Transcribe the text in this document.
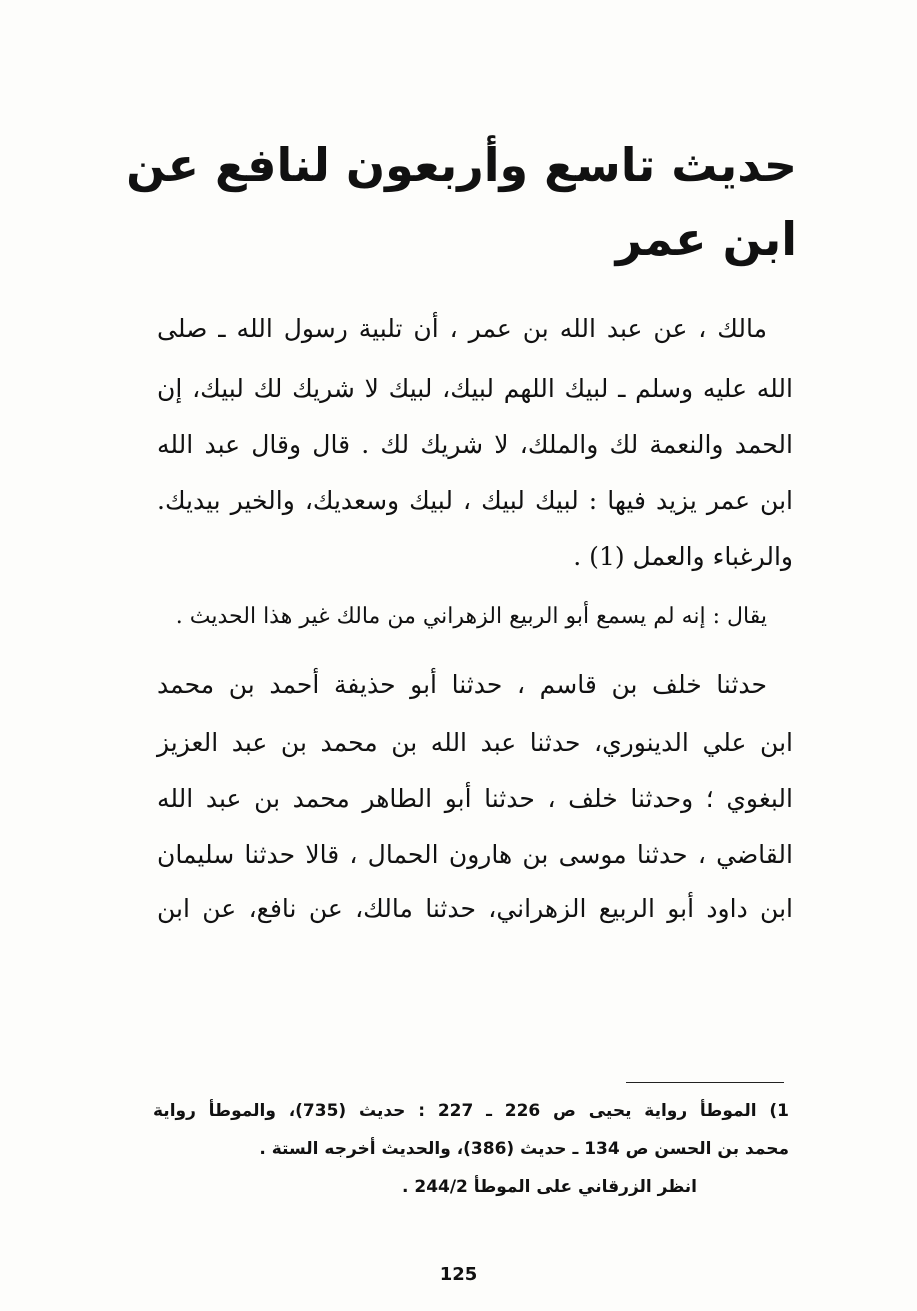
حديث تاسع وأربعون لنافع عن
ابن عمر
مالك ، عن عبد الله بن عمر ، أن تلبية رسول الله ـ صلى
الله عليه وسلم ـ لبيك اللهم لبيك، لبيك لا شريك لك لبيك، إن
الحمد والنعمة لك والملك، لا شريك لك . قال وقال عبد الله
ابن عمر يزيد فيها : لبيك لبيك ، لبيك وسعديك، والخير بيديك.
والرغباء والعمل (1) .
يقال : إنه لم يسمع أبو الربيع الزهراني من مالك غير هذا الحديث .
حدثنا خلف بن قاسم ، حدثنا أبو حذيفة أحمد بن محمد
ابن علي الدينوري، حدثنا عبد الله بن محمد بن عبد العزيز
البغوي ؛ وحدثنا خلف ، حدثنا أبو الطاهر محمد بن عبد الله
القاضي ، حدثنا موسى بن هارون الحمال ، قالا حدثنا سليمان
ابن داود أبو الربيع الزهراني، حدثنا مالك، عن نافع، عن ابن
1) الموطأ رواية يحيى ص 226 ـ 227 : حديث (735)، والموطأ رواية
محمد بن الحسن ص 134 ـ حديث (386)، والحديث أخرجه الستة .
انظر الزرقاني على الموطأ 244/2 .
125
